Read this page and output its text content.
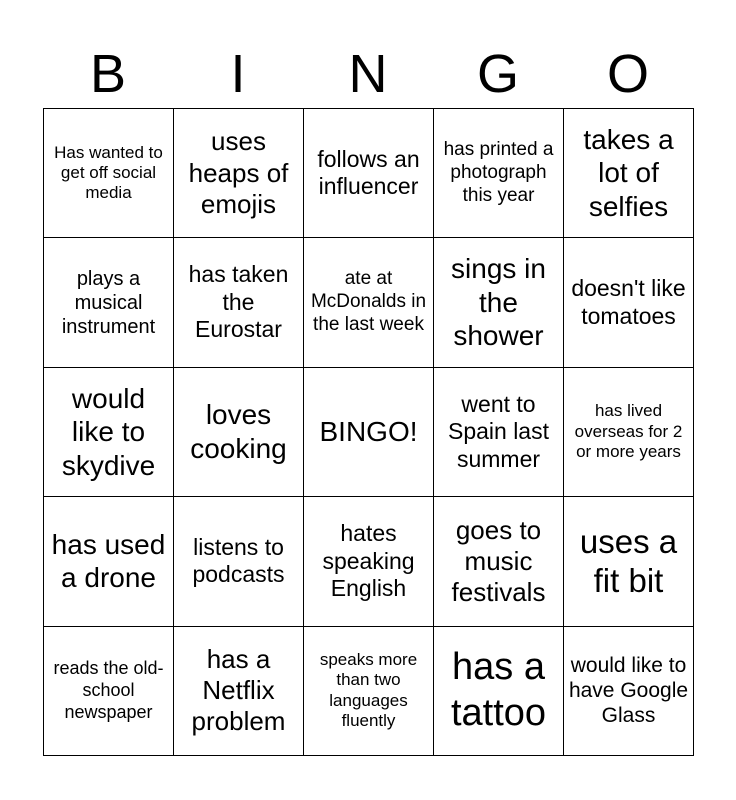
B	I	N	G	O
Has wanted to get off social media	uses heaps of emojis	follows an influencer	has printed a photograph this year	takes a lot of selfies
plays a musical instrument	has taken the Eurostar	ate at McDonalds in the last week	sings in the shower	doesn't like tomatoes
would like to skydive	loves cooking	BINGO!	went to Spain last summer	has lived overseas for 2 or more years
has used a drone	listens to podcasts	hates speaking English	goes to music festivals	uses a fit bit
reads the old-school newspaper	has a Netflix problem	speaks more than two languages fluently	has a tattoo	would like to have Google Glass
